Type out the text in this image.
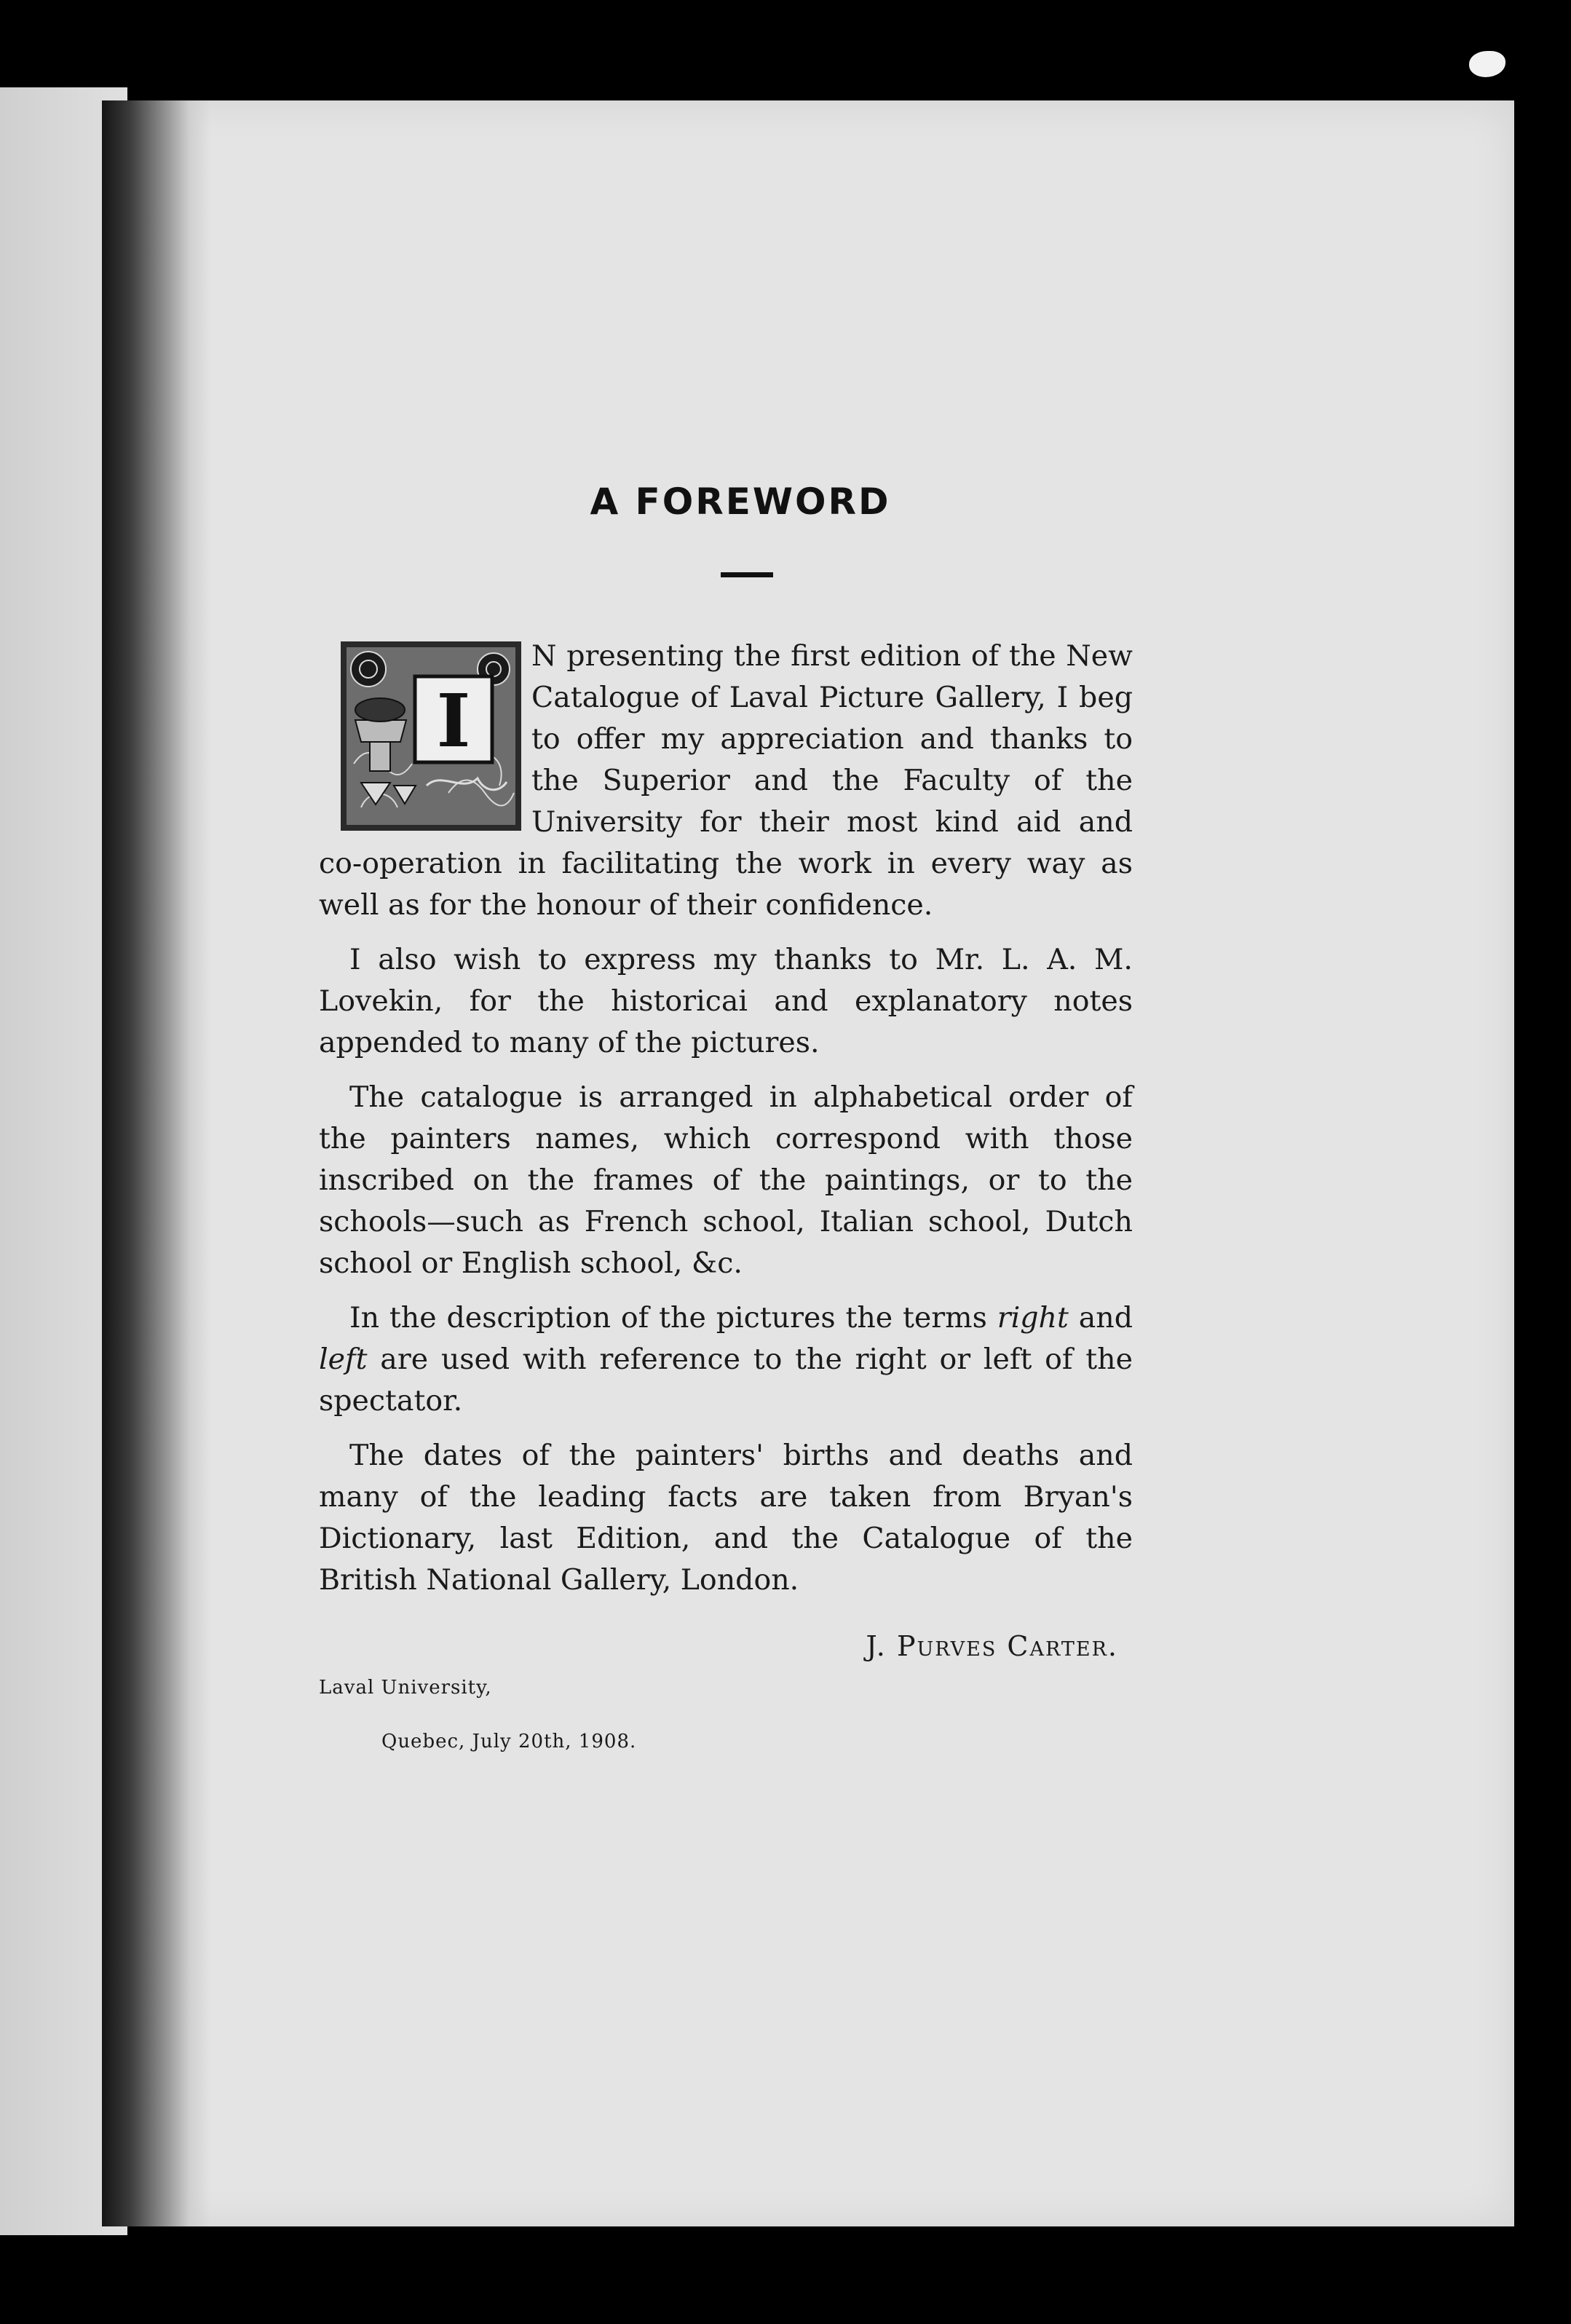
A FOREWORD
I

N presenting the first edition of the New Catalogue of Laval Picture Gallery, I beg to offer my appreciation and thanks to the Superior and the Faculty of the University for their most kind aid and co-operation in facilitating the work in every way as well as for the honour of their confidence.

I also wish to express my thanks to Mr. L. A. M. Lovekin, for the historicai and explanatory notes appended to many of the pictures.

The catalogue is arranged in alphabetical order of the painters names, which correspond with those inscribed on the frames of the paintings, or to the schools—such as French school, Italian school, Dutch school or English school, &c.

In the description of the pictures the terms right and left are used with reference to the right or left of the spectator.

The dates of the painters' births and deaths and many of the leading facts are taken from Bryan's Dictionary, last Edition, and the Catalogue of the British National Gallery, London.

J. Purves Carter.
Laval University,
Quebec, July 20th, 1908.
